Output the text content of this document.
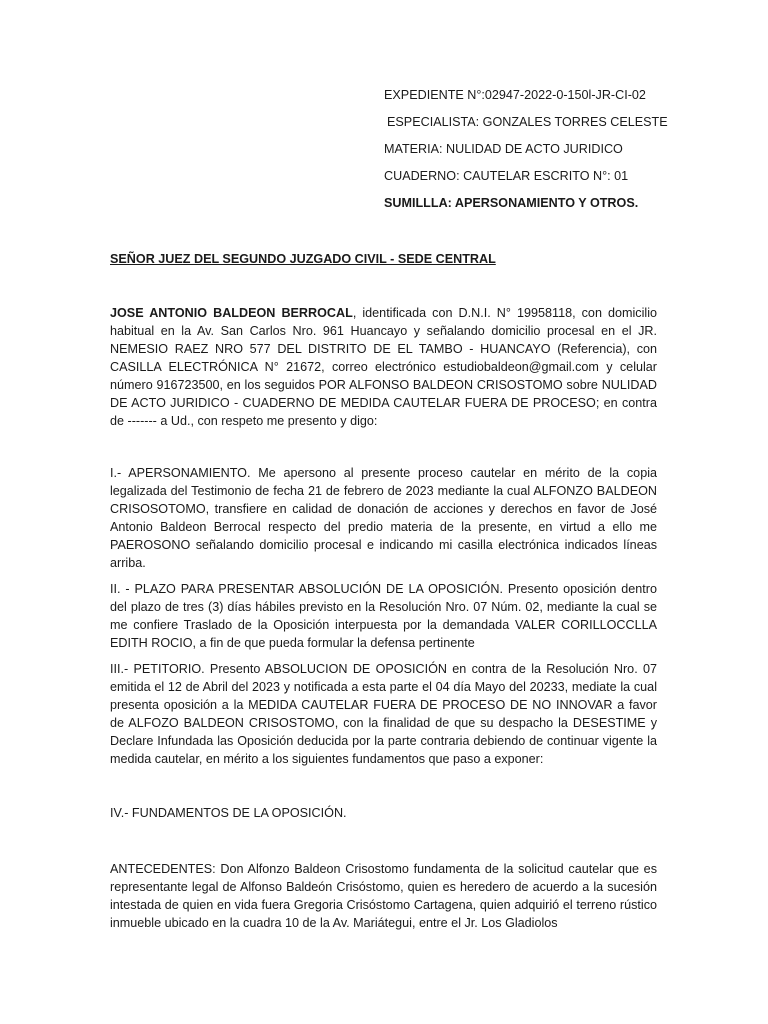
EXPEDIENTE N°:02947-2022-0-150l-JR-CI-02
ESPECIALISTA: GONZALES TORRES CELESTE
MATERIA: NULIDAD DE ACTO JURIDICO
CUADERNO: CAUTELAR ESCRITO N°: 01
SUMILLLA: APERSONAMIENTO Y OTROS.
SEÑOR JUEZ DEL SEGUNDO JUZGADO CIVIL - SEDE CENTRAL

JOSE ANTONIO BALDEON BERROCAL, identificada con D.N.I. N° 19958118, con domicilio habitual en la Av. San Carlos Nro. 961 Huancayo y señalando domicilio procesal en el JR. NEMESIO RAEZ NRO 577 DEL DISTRITO DE EL TAMBO - HUANCAYO (Referencia), con CASILLA ELECTRÓNICA N° 21672, correo electrónico estudiobaldeon@gmail.com y celular número 916723500, en los seguidos POR ALFONSO BALDEON CRISOSTOMO sobre NULIDAD DE ACTO JURIDICO - CUADERNO DE MEDIDA CAUTELAR FUERA DE PROCESO; en contra de ------- a Ud., con respeto me presento y digo:

I.- APERSONAMIENTO. Me apersono al presente proceso cautelar en mérito de la copia legalizada del Testimonio de fecha 21 de febrero de 2023 mediante la cual ALFONZO BALDEON CRISOSOTOMO, transfiere en calidad de donación de acciones y derechos en favor de José Antonio Baldeon Berrocal respecto del predio materia de la presente, en virtud a ello me PAEROSONO señalando domicilio procesal e indicando mi casilla electrónica indicados líneas arriba.

II. - PLAZO PARA PRESENTAR ABSOLUCIÓN DE LA OPOSICIÓN. Presento oposición dentro del plazo de tres (3) días hábiles previsto en la Resolución Nro. 07 Núm. 02, mediante la cual se me confiere Traslado de la Oposición interpuesta por la demandada VALER CORILLOCCLLA EDITH ROCIO, a fin de que pueda formular la defensa pertinente

III.- PETITORIO. Presento ABSOLUCION DE OPOSICIÓN en contra de la Resolución Nro. 07 emitida el 12 de Abril del 2023 y notificada a esta parte el 04 día Mayo del 20233, mediate la cual presenta oposición a la MEDIDA CAUTELAR FUERA DE PROCESO DE NO INNOVAR a favor de ALFOZO BALDEON CRISOSTOMO, con la finalidad de que su despacho la DESESTIME y Declare Infundada las Oposición deducida por la parte contraria debiendo de continuar vigente la medida cautelar, en mérito a los siguientes fundamentos que paso a exponer:

IV.- FUNDAMENTOS DE LA OPOSICIÓN.

ANTECEDENTES: Don Alfonzo Baldeon Crisostomo fundamenta de la solicitud cautelar que es representante legal de Alfonso Baldeón Crisóstomo, quien es heredero de acuerdo a la sucesión intestada de quien en vida fuera Gregoria Crisóstomo Cartagena, quien adquirió el terreno rústico inmueble ubicado en la cuadra 10 de la Av. Mariátegui, entre el Jr. Los Gladiolos
